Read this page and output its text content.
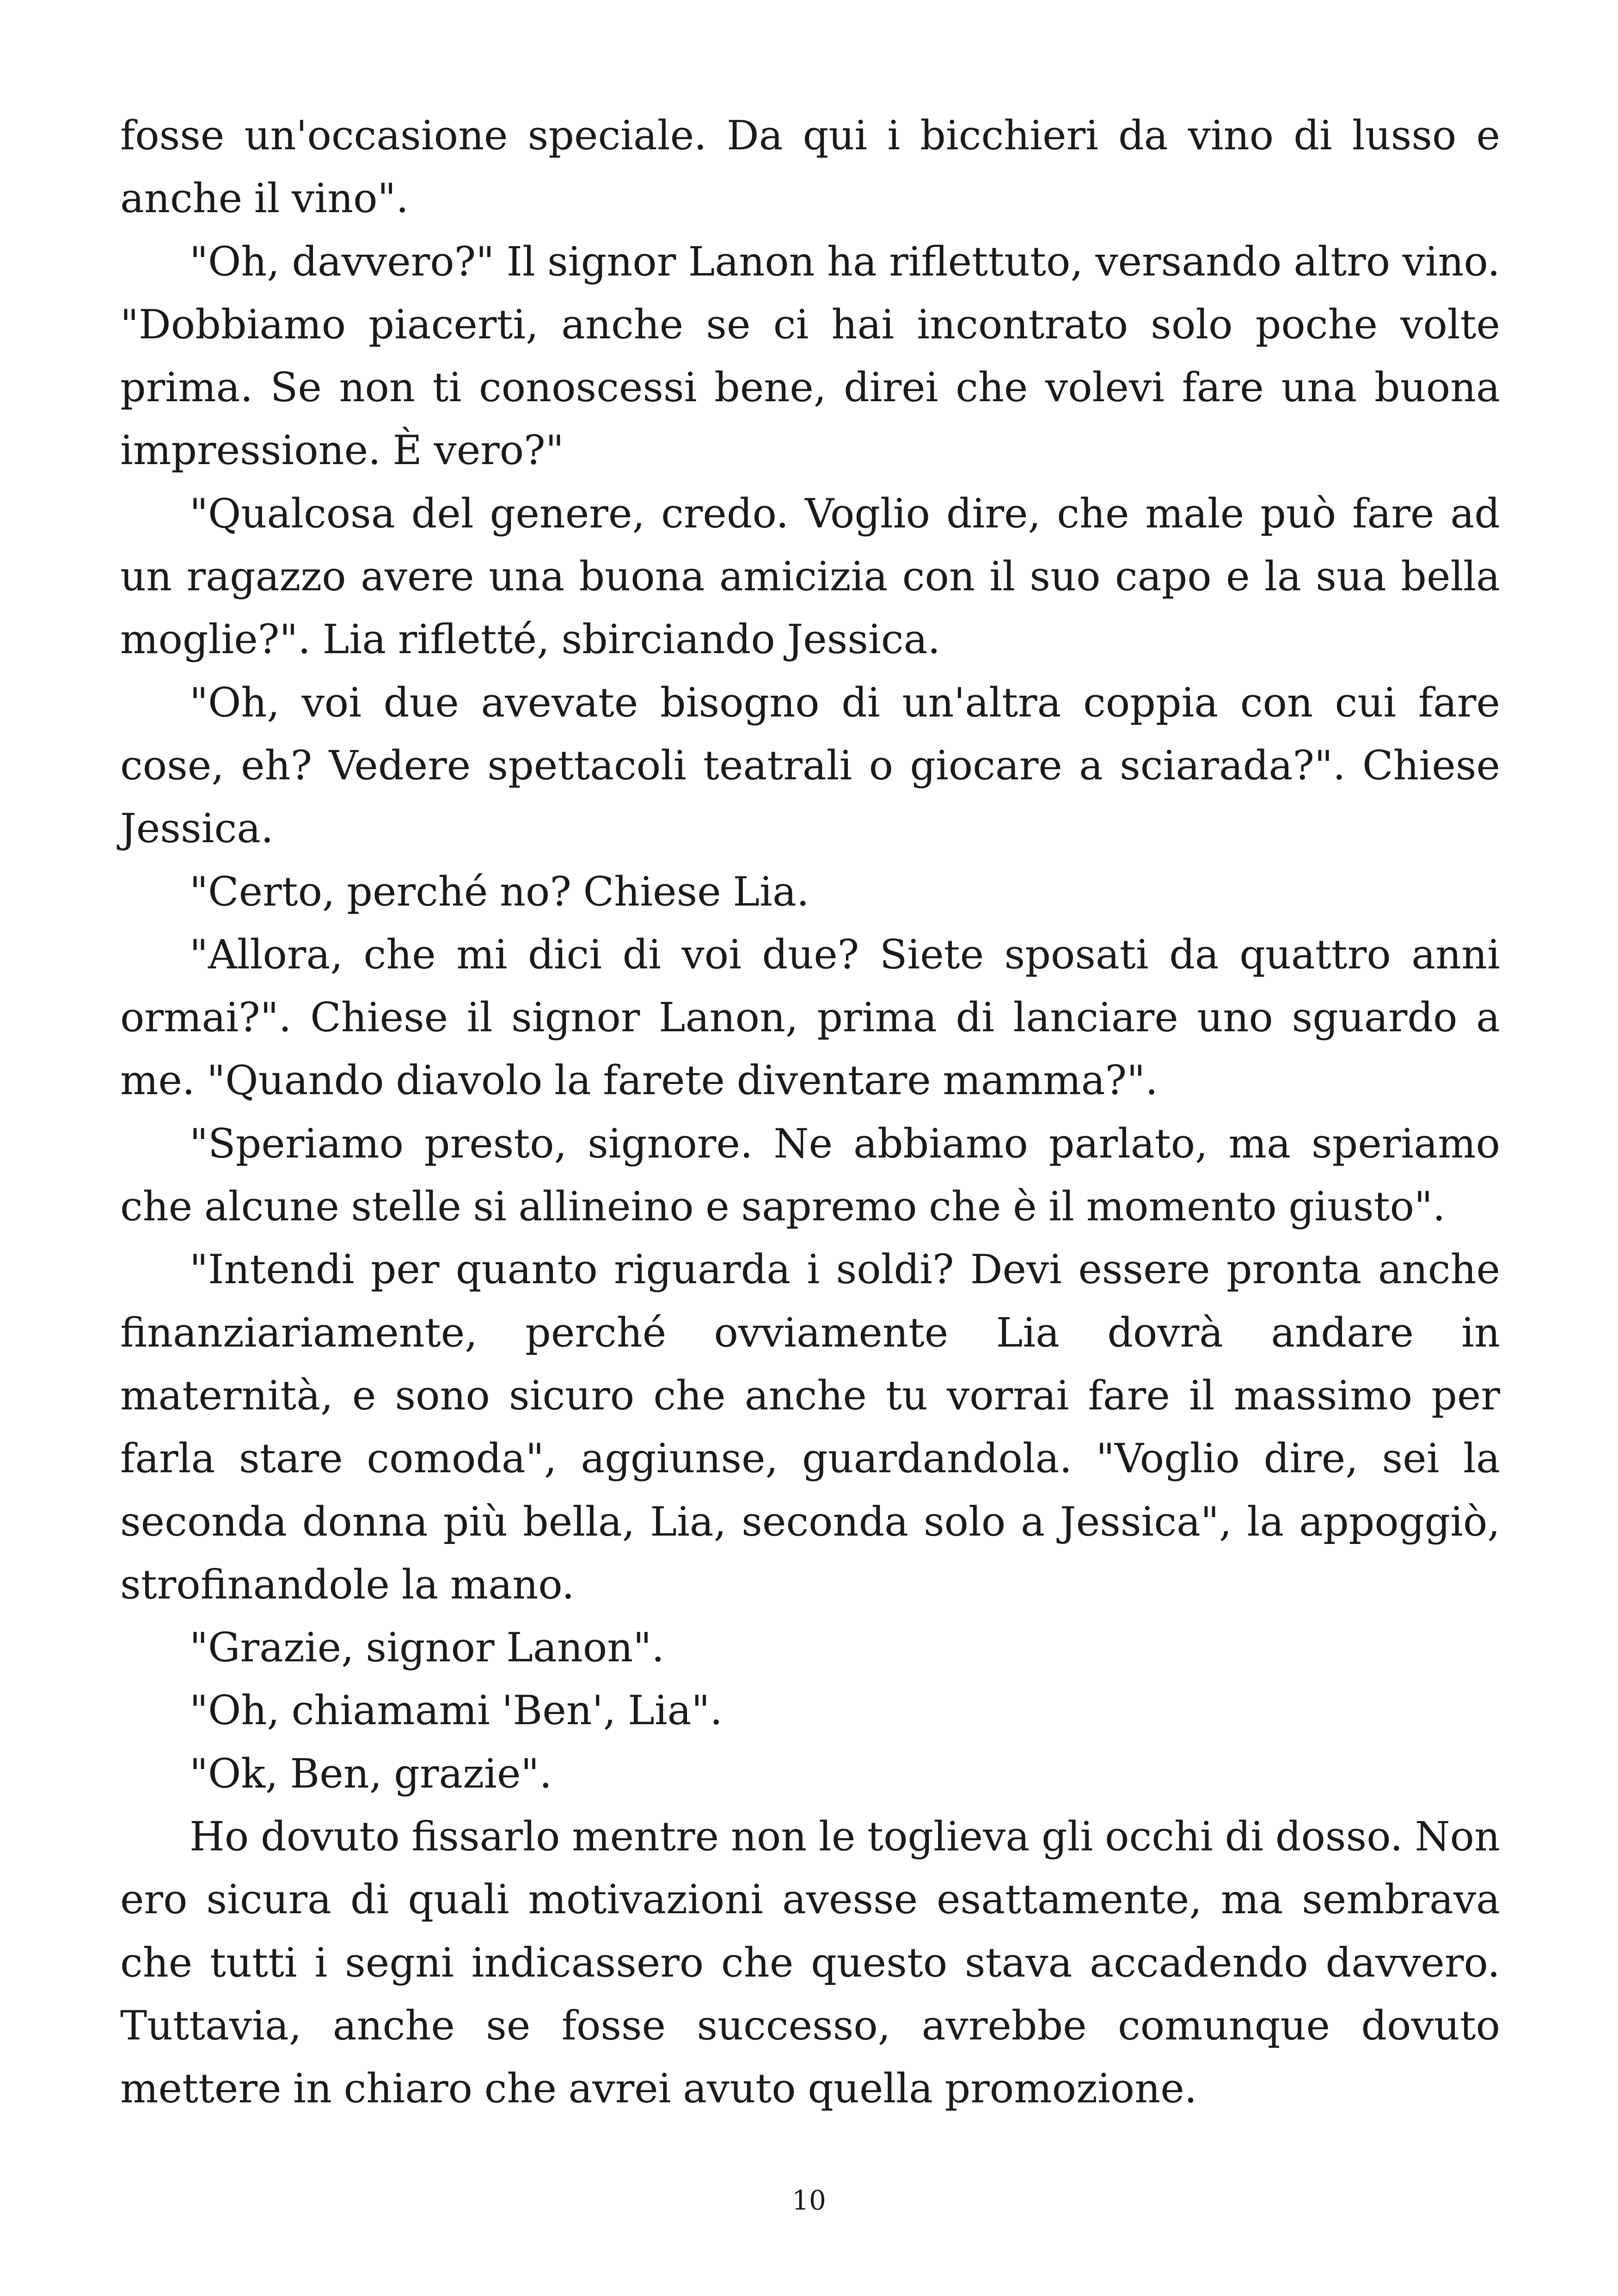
fosse un'occasione speciale. Da qui i bicchieri da vino di lusso e anche il vino".

"Oh, davvero?" Il signor Lanon ha riflettuto, versando altro vino. "Dobbiamo piacerti, anche se ci hai incontrato solo poche volte prima. Se non ti conoscessi bene, direi che volevi fare una buona impressione. È vero?"

"Qualcosa del genere, credo. Voglio dire, che male può fare ad un ragazzo avere una buona amicizia con il suo capo e la sua bella moglie?". Lia rifletté, sbirciando Jessica.

"Oh, voi due avevate bisogno di un'altra coppia con cui fare cose, eh? Vedere spettacoli teatrali o giocare a sciarada?". Chiese Jessica.

"Certo, perché no? Chiese Lia.

"Allora, che mi dici di voi due? Siete sposati da quattro anni ormai?". Chiese il signor Lanon, prima di lanciare uno sguardo a me. "Quando diavolo la farete diventare mamma?".

"Speriamo presto, signore. Ne abbiamo parlato, ma speriamo che alcune stelle si allineino e sapremo che è il momento giusto".

"Intendi per quanto riguarda i soldi? Devi essere pronta anche finanziariamente, perché ovviamente Lia dovrà andare in maternità, e sono sicuro che anche tu vorrai fare il massimo per farla stare comoda", aggiunse, guardandola. "Voglio dire, sei la seconda donna più bella, Lia, seconda solo a Jessica", la appoggiò, strofinandole la mano.

"Grazie, signor Lanon".

"Oh, chiamami 'Ben', Lia".

"Ok, Ben, grazie".

Ho dovuto fissarlo mentre non le toglieva gli occhi di dosso. Non ero sicura di quali motivazioni avesse esattamente, ma sembrava che tutti i segni indicassero che questo stava accadendo davvero. Tuttavia, anche se fosse successo, avrebbe comunque dovuto mettere in chiaro che avrei avuto quella promozione.

10
